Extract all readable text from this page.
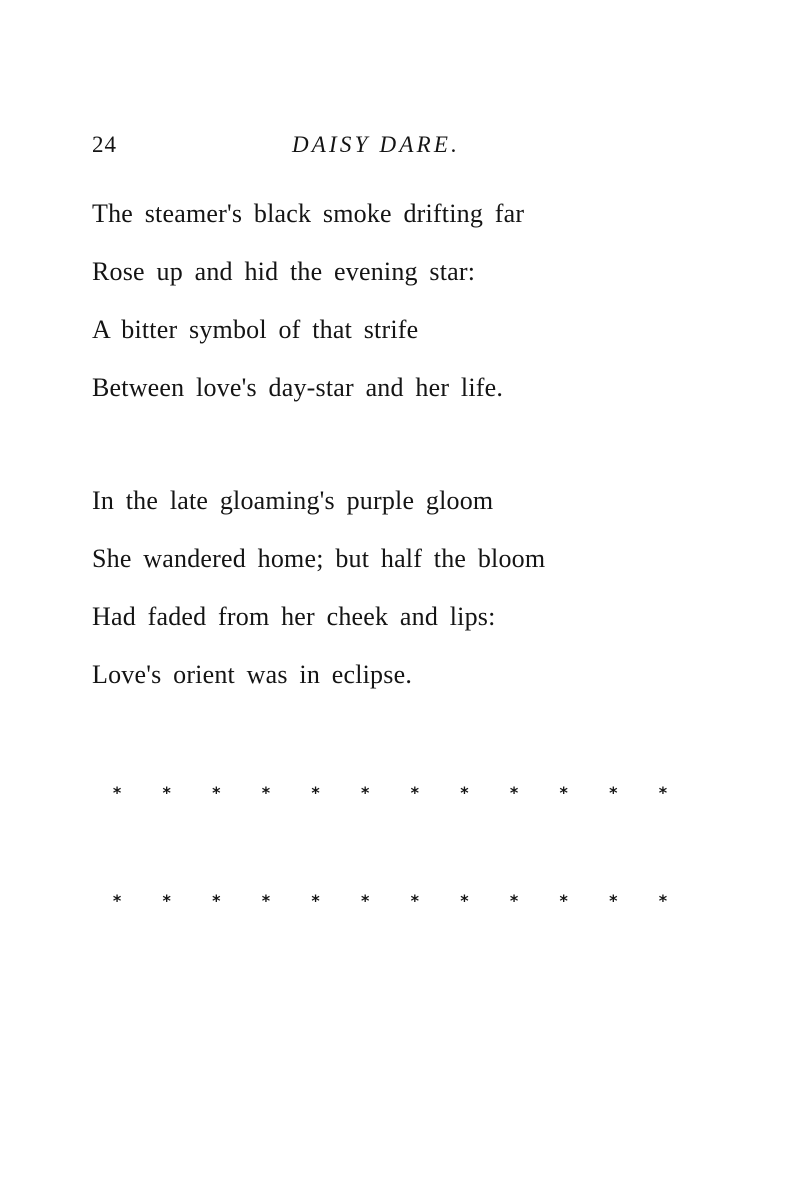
24	DAISY DARE.
The steamer's black smoke drifting far
Rose up and hid the evening star:
A bitter symbol of that strife
Between love's day-star and her life.
In the late gloaming's purple gloom
She wandered home; but half the bloom
Had faded from her cheek and lips:
Love's orient was in eclipse.
*	*	*	*	*	*	*	*	*	*	*	*
*	*	*	*	*	*	*	*	*	*	*	*
